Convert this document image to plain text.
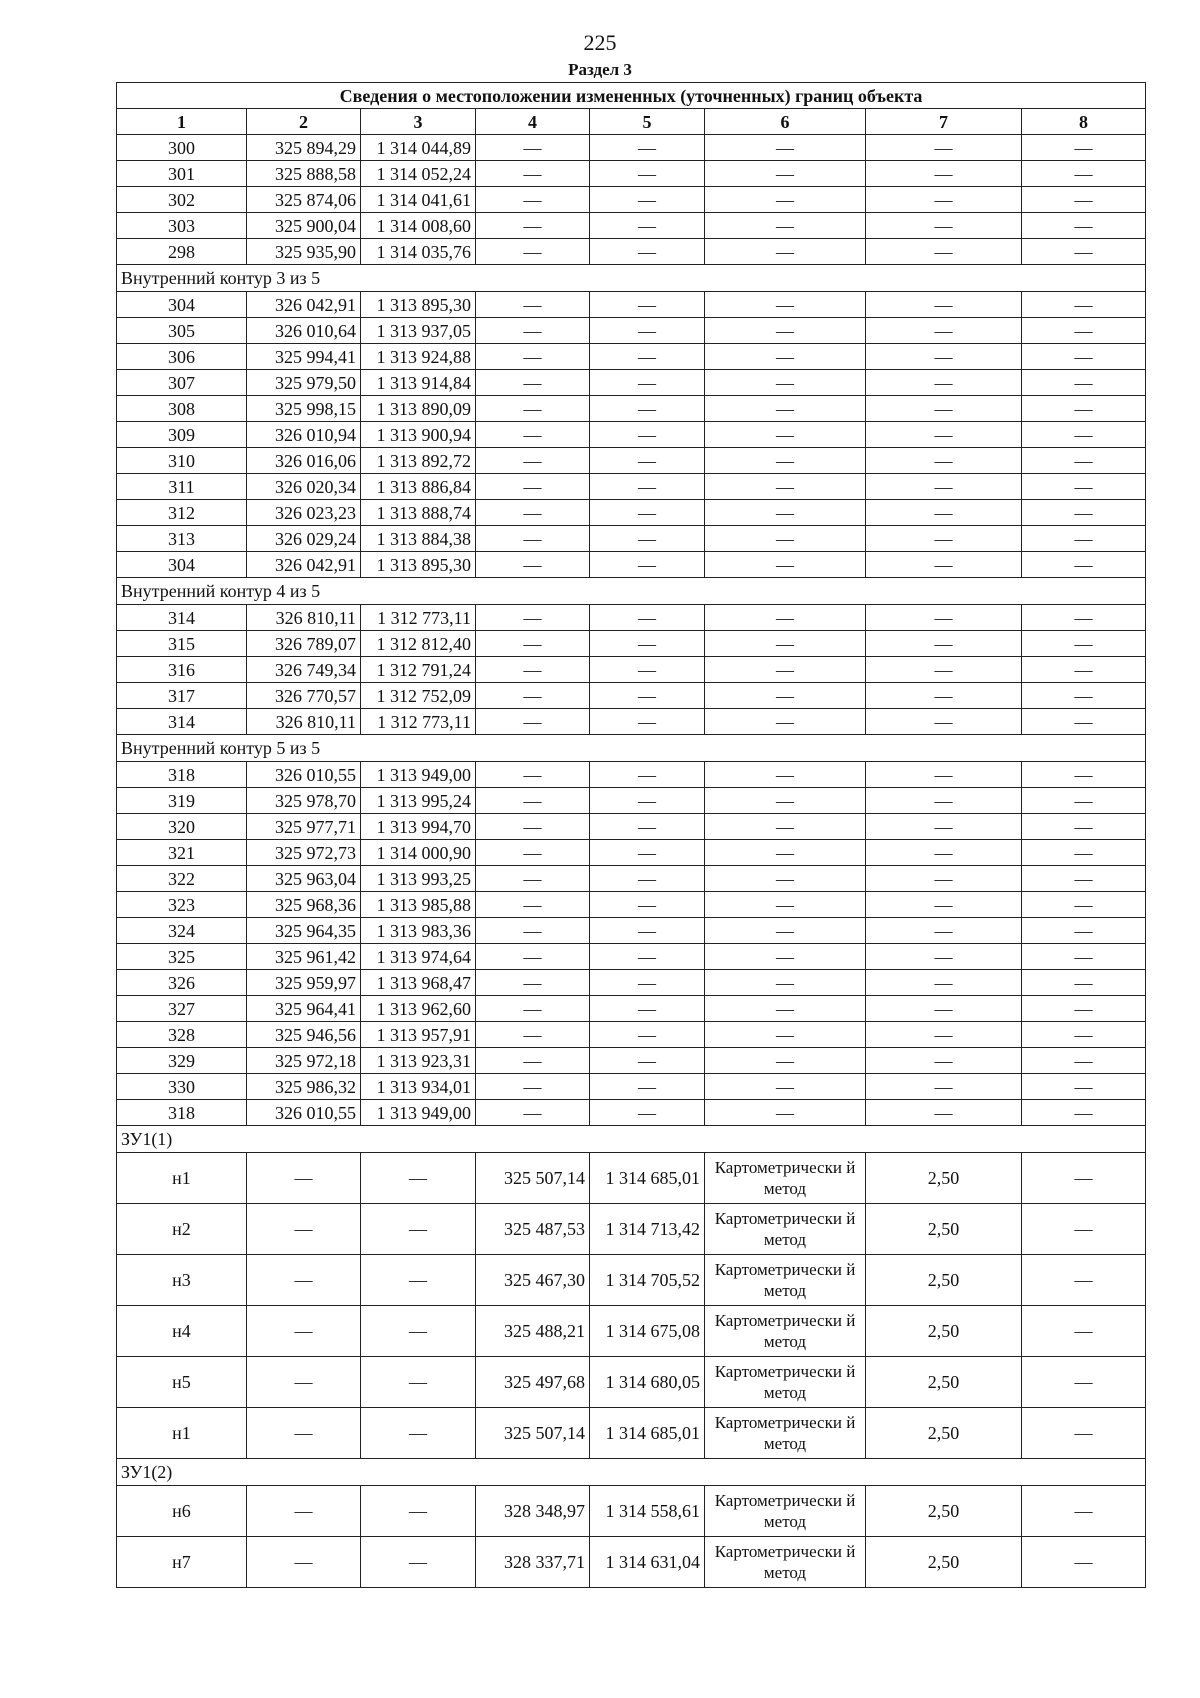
225
Раздел 3
Сведения о местоположении измененных (уточненных) границ объекта							
1	2	3	4	5	6	7	8
300	325 894,29	1 314 044,89	—	—	—	—	—
301	325 888,58	1 314 052,24	—	—	—	—	—
302	325 874,06	1 314 041,61	—	—	—	—	—
303	325 900,04	1 314 008,60	—	—	—	—	—
298	325 935,90	1 314 035,76	—	—	—	—	—
Внутренний контур 3 из 5							
304	326 042,91	1 313 895,30	—	—	—	—	—
305	326 010,64	1 313 937,05	—	—	—	—	—
306	325 994,41	1 313 924,88	—	—	—	—	—
307	325 979,50	1 313 914,84	—	—	—	—	—
308	325 998,15	1 313 890,09	—	—	—	—	—
309	326 010,94	1 313 900,94	—	—	—	—	—
310	326 016,06	1 313 892,72	—	—	—	—	—
311	326 020,34	1 313 886,84	—	—	—	—	—
312	326 023,23	1 313 888,74	—	—	—	—	—
313	326 029,24	1 313 884,38	—	—	—	—	—
304	326 042,91	1 313 895,30	—	—	—	—	—
Внутренний контур 4 из 5							
314	326 810,11	1 312 773,11	—	—	—	—	—
315	326 789,07	1 312 812,40	—	—	—	—	—
316	326 749,34	1 312 791,24	—	—	—	—	—
317	326 770,57	1 312 752,09	—	—	—	—	—
314	326 810,11	1 312 773,11	—	—	—	—	—
Внутренний контур 5 из 5							
318	326 010,55	1 313 949,00	—	—	—	—	—
319	325 978,70	1 313 995,24	—	—	—	—	—
320	325 977,71	1 313 994,70	—	—	—	—	—
321	325 972,73	1 314 000,90	—	—	—	—	—
322	325 963,04	1 313 993,25	—	—	—	—	—
323	325 968,36	1 313 985,88	—	—	—	—	—
324	325 964,35	1 313 983,36	—	—	—	—	—
325	325 961,42	1 313 974,64	—	—	—	—	—
326	325 959,97	1 313 968,47	—	—	—	—	—
327	325 964,41	1 313 962,60	—	—	—	—	—
328	325 946,56	1 313 957,91	—	—	—	—	—
329	325 972,18	1 313 923,31	—	—	—	—	—
330	325 986,32	1 313 934,01	—	—	—	—	—
318	326 010,55	1 313 949,00	—	—	—	—	—
ЗУ1(1)							
н1	—	—	325 507,14	1 314 685,01	Картометрически й метод	2,50	—
н2	—	—	325 487,53	1 314 713,42	Картометрически й метод	2,50	—
н3	—	—	325 467,30	1 314 705,52	Картометрически й метод	2,50	—
н4	—	—	325 488,21	1 314 675,08	Картометрически й метод	2,50	—
н5	—	—	325 497,68	1 314 680,05	Картометрически й метод	2,50	—
н1	—	—	325 507,14	1 314 685,01	Картометрически й метод	2,50	—
ЗУ1(2)							
н6	—	—	328 348,97	1 314 558,61	Картометрически й метод	2,50	—
н7	—	—	328 337,71	1 314 631,04	Картометрически й метод	2,50	—
